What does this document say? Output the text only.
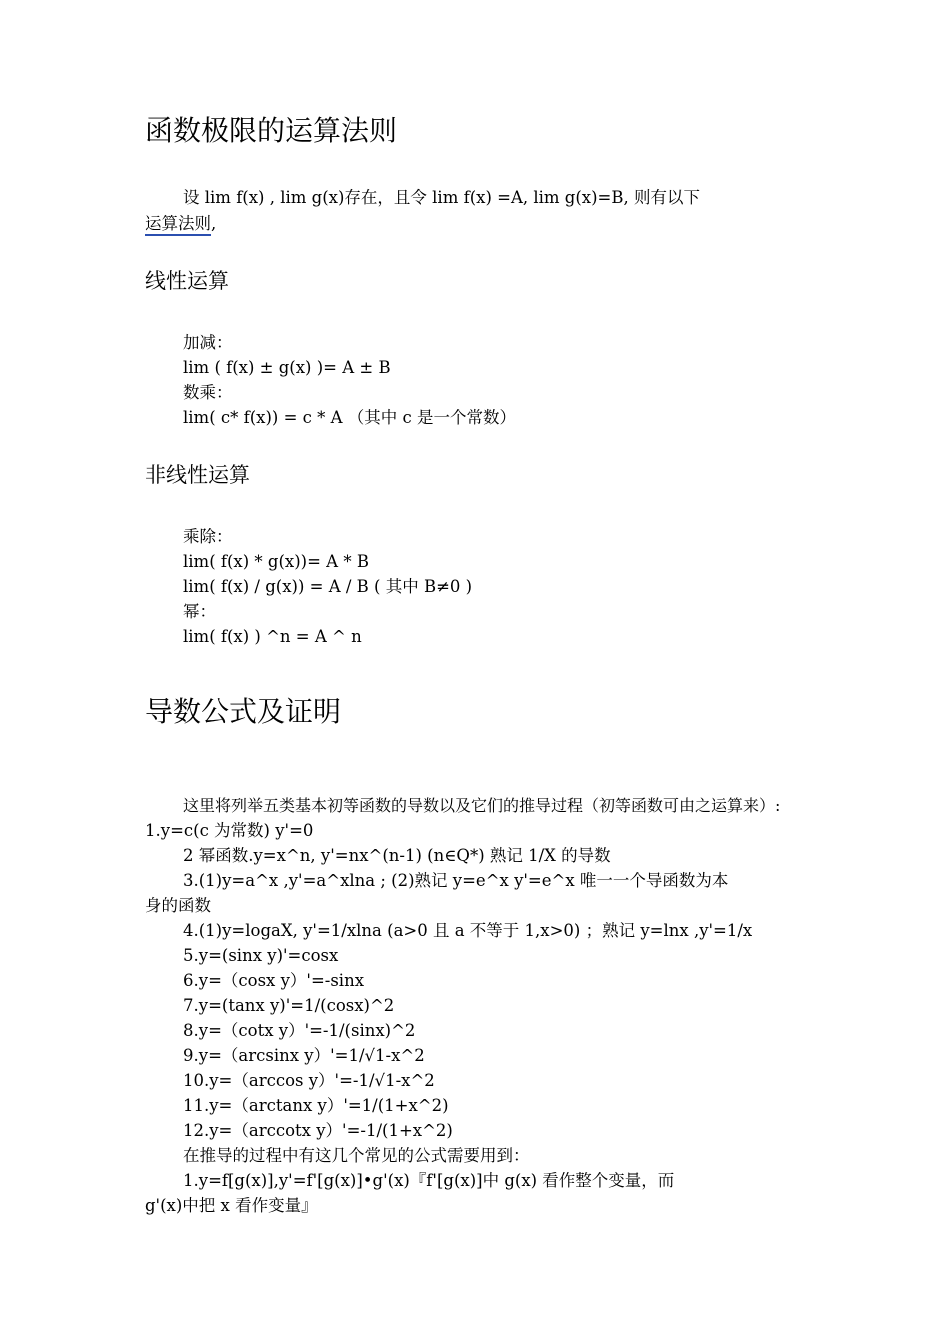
函数极限的运算法则
设 lim f(x) , lim g(x)存在，且令 lim f(x) =A, lim g(x)=B, 则有以下
运算法则,
线性运算
加减：
lim ( f(x) ± g(x) )= A ± B
数乘：
lim( c* f(x)) = c * A （其中 c 是一个常数）
非线性运算
乘除：
lim( f(x) * g(x))= A * B
lim( f(x) / g(x)) = A / B ( 其中 B≠0 )
幂：
lim( f(x) ) ^n = A ^ n
导数公式及证明
这里将列举五类基本初等函数的导数以及它们的推导过程（初等函数可由之运算来）:
1.y=c(c 为常数) y'=0
2 幂函数.y=x^n, y'=nx^(n-1) (n∈Q*) 熟记 1/X 的导数
3.(1)y=a^x ,y'=a^xlna ; (2)熟记 y=e^x y'=e^x 唯一一个导函数为本
身的函数
4.(1)y=logaX, y'=1/xlna (a>0 且 a 不等于 1,x>0) ；熟记 y=lnx ,y'=1/x
5.y=(sinx y)'=cosx
6.y=（cosx y）'=-sinx
7.y=(tanx y)'=1/(cosx)^2
8.y=（cotx y）'=-1/(sinx)^2
9.y=（arcsinx y）'=1/√1-x^2
10.y=（arccos y）'=-1/√1-x^2
11.y=（arctanx y）'=1/(1+x^2)
12.y=（arccotx y）'=-1/(1+x^2)
在推导的过程中有这几个常见的公式需要用到：
1.y=f[g(x)],y'=f'[g(x)]•g'(x)『f'[g(x)]中 g(x) 看作整个变量，而
g'(x)中把 x 看作变量』
